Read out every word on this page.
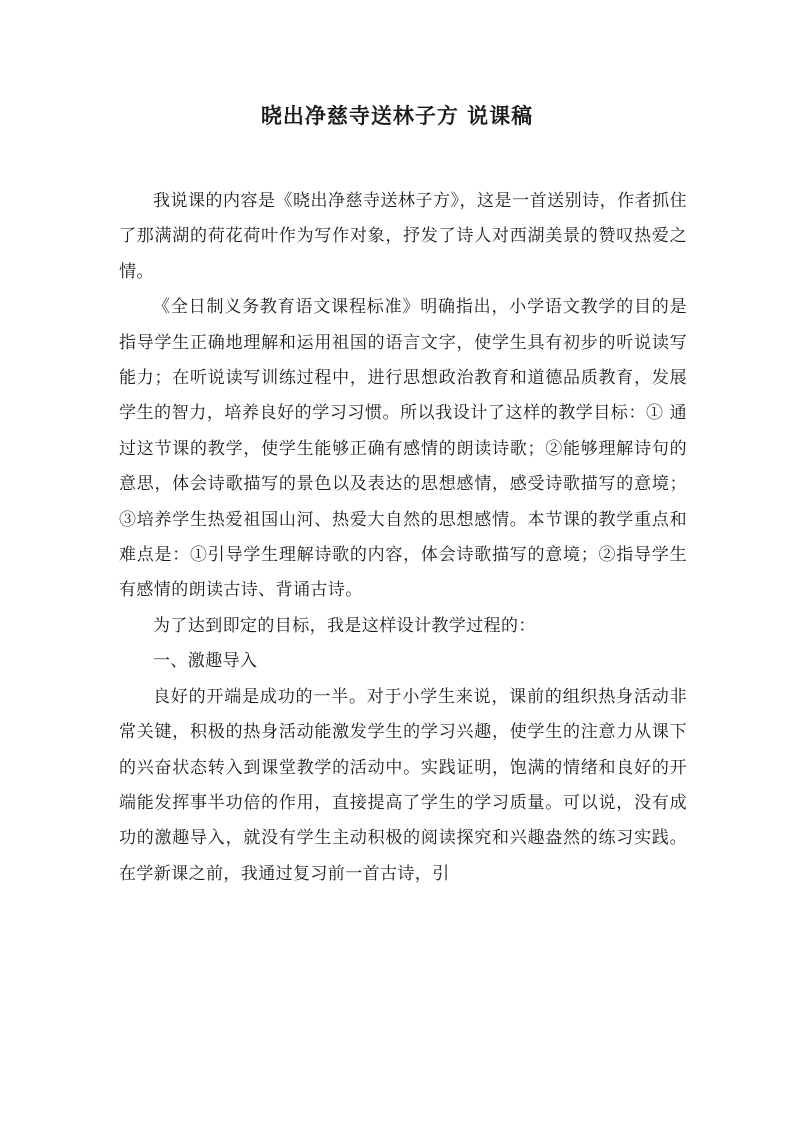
晓出净慈寺送林子方 说课稿

我说课的内容是《晓出净慈寺送林子方》，这是一首送别诗，作者抓住了那满湖的荷花荷叶作为写作对象，抒发了诗人对西湖美景的赞叹热爱之情。

《全日制义务教育语文课程标准》明确指出，小学语文教学的目的是指导学生正确地理解和运用祖国的语言文字，使学生具有初步的听说读写能力；在听说读写训练过程中，进行思想政治教育和道德品质教育，发展学生的智力，培养良好的学习习惯。所以我设计了这样的教学目标：① 通过这节课的教学，使学生能够正确有感情的朗读诗歌；②能够理解诗句的意思，体会诗歌描写的景色以及表达的思想感情，感受诗歌描写的意境；③培养学生热爱祖国山河、热爱大自然的思想感情。本节课的教学重点和难点是：①引导学生理解诗歌的内容，体会诗歌描写的意境；②指导学生有感情的朗读古诗、背诵古诗。

为了达到即定的目标，我是这样设计教学过程的：

一、激趣导入

良好的开端是成功的一半。对于小学生来说，课前的组织热身活动非常关键，积极的热身活动能激发学生的学习兴趣，使学生的注意力从课下的兴奋状态转入到课堂教学的活动中。实践证明，饱满的情绪和良好的开端能发挥事半功倍的作用，直接提高了学生的学习质量。可以说，没有成功的激趣导入，就没有学生主动积极的阅读探究和兴趣盎然的练习实践。在学新课之前，我通过复习前一首古诗，引
